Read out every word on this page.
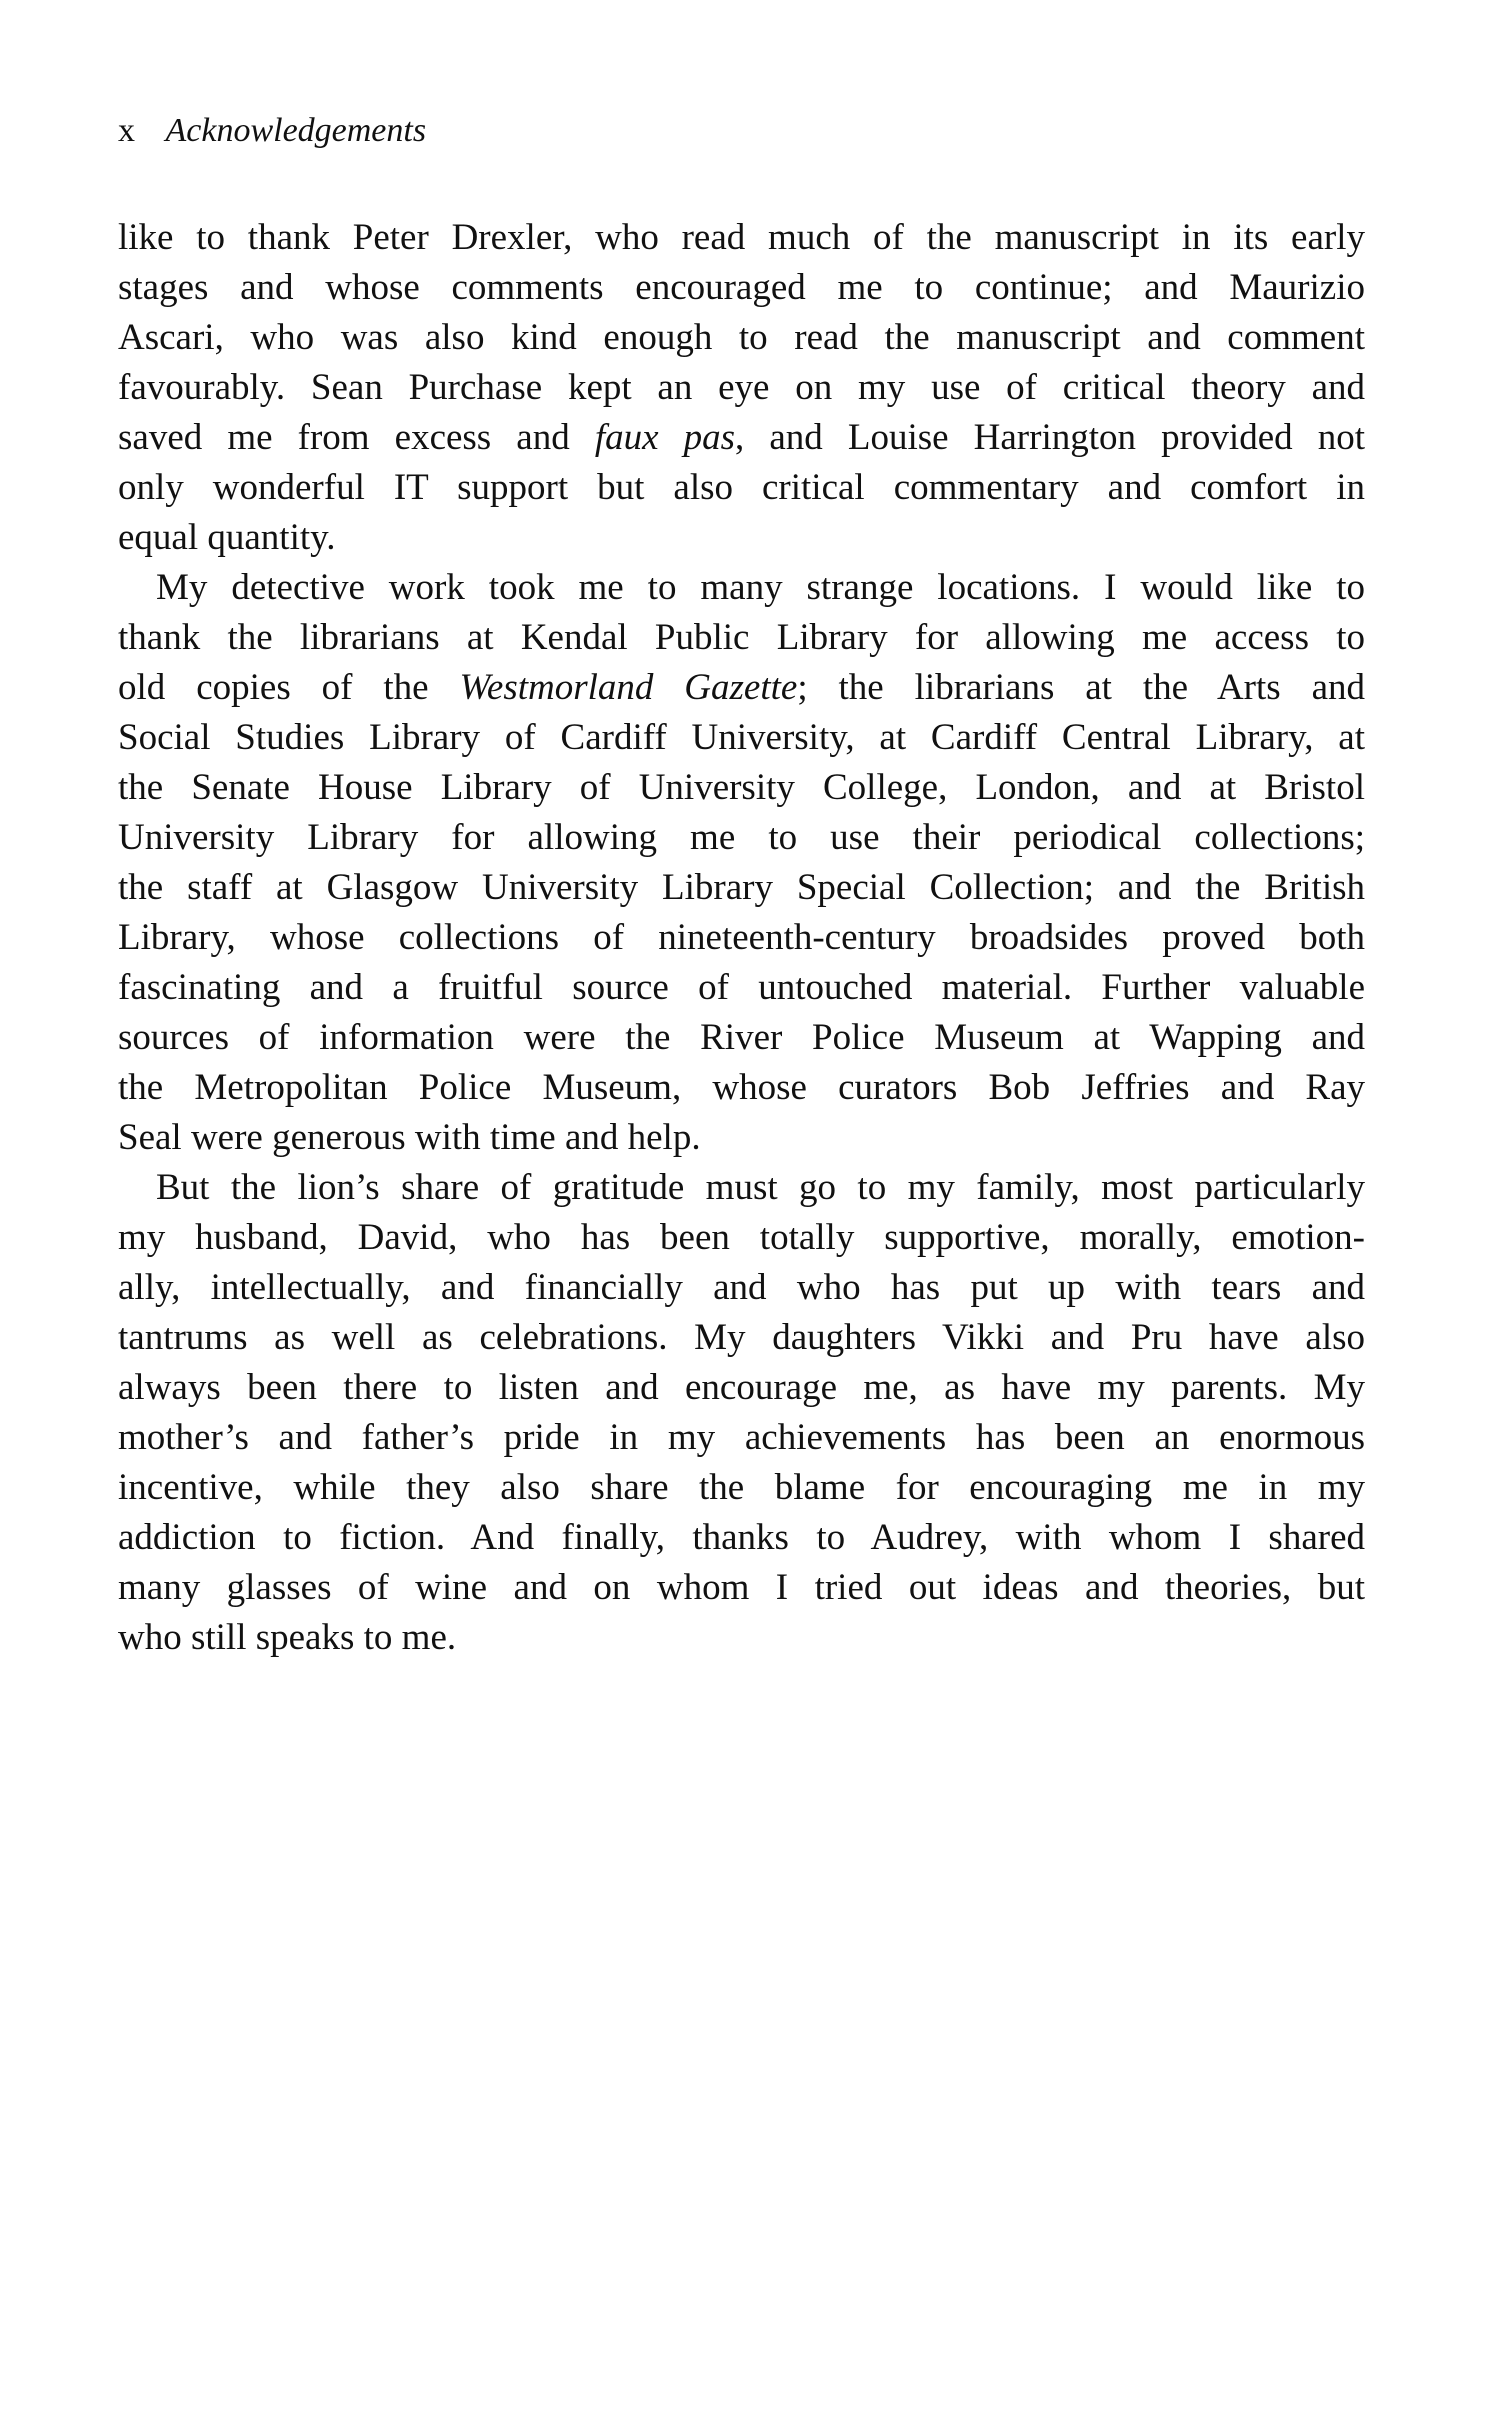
x Acknowledgements
like to thank Peter Drexler, who read much of the manuscript in its early
stages and whose comments encouraged me to continue; and Maurizio
Ascari, who was also kind enough to read the manuscript and comment
favourably. Sean Purchase kept an eye on my use of critical theory and
saved me from excess and faux pas, and Louise Harrington provided not
only wonderful IT support but also critical commentary and comfort in
equal quantity.
My detective work took me to many strange locations. I would like to
thank the librarians at Kendal Public Library for allowing me access to
old copies of the Westmorland Gazette; the librarians at the Arts and
Social Studies Library of Cardiff University, at Cardiff Central Library, at
the Senate House Library of University College, London, and at Bristol
University Library for allowing me to use their periodical collections;
the staff at Glasgow University Library Special Collection; and the British
Library, whose collections of nineteenth-century broadsides proved both
fascinating and a fruitful source of untouched material. Further valuable
sources of information were the River Police Museum at Wapping and
the Metropolitan Police Museum, whose curators Bob Jeffries and Ray
Seal were generous with time and help.
But the lion’s share of gratitude must go to my family, most particularly
my husband, David, who has been totally supportive, morally, emotion-
ally, intellectually, and financially and who has put up with tears and
tantrums as well as celebrations. My daughters Vikki and Pru have also
always been there to listen and encourage me, as have my parents. My
mother’s and father’s pride in my achievements has been an enormous
incentive, while they also share the blame for encouraging me in my
addiction to fiction. And finally, thanks to Audrey, with whom I shared
many glasses of wine and on whom I tried out ideas and theories, but
who still speaks to me.
